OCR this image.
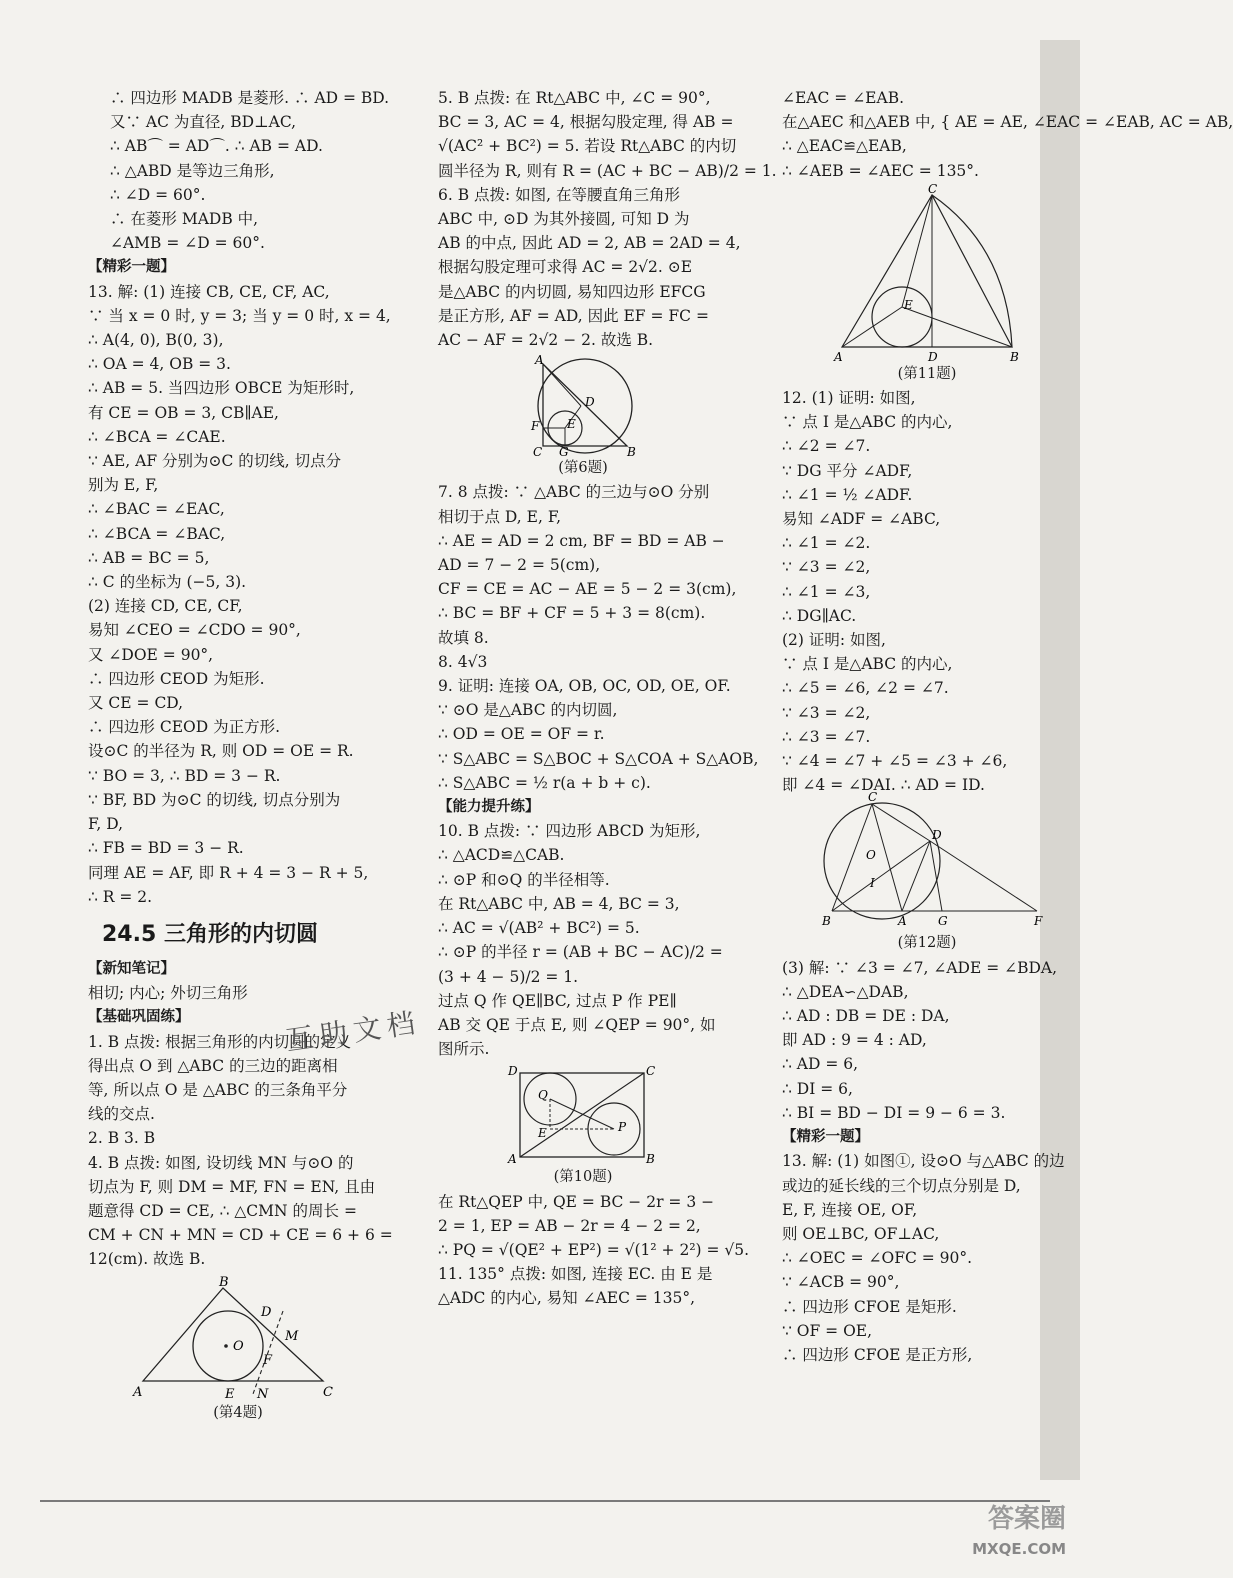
∴ 四边形 MADB 是菱形. ∴ AD = BD.
又∵ AC 为直径, BD⊥AC,
∴ AB⌒ = AD⌒. ∴ AB = AD.
∴ △ABD 是等边三角形,
∴ ∠D = 60°.
∴ 在菱形 MADB 中,
∠AMB = ∠D = 60°.
【精彩一题】
13. 解: (1) 连接 CB, CE, CF, AC,
∵ 当 x = 0 时, y = 3; 当 y = 0 时, x = 4,
∴ A(4, 0), B(0, 3),
∴ OA = 4, OB = 3.
∴ AB = 5. 当四边形 OBCE 为矩形时,
有 CE = OB = 3, CB∥AE,
∴ ∠BCA = ∠CAE.
∵ AE, AF 分别为⊙C 的切线, 切点分
别为 E, F,
∴ ∠BAC = ∠EAC,
∴ ∠BCA = ∠BAC,
∴ AB = BC = 5,
∴ C 的坐标为 (−5, 3).
(2) 连接 CD, CE, CF,
易知 ∠CEO = ∠CDO = 90°,
又 ∠DOE = 90°,
∴ 四边形 CEOD 为矩形.
又 CE = CD,
∴ 四边形 CEOD 为正方形.
设⊙C 的半径为 R, 则 OD = OE = R.
∵ BO = 3, ∴ BD = 3 − R.
∵ BF, BD 为⊙C 的切线, 切点分别为
F, D,
∴ FB = BD = 3 − R.
同理 AE = AF, 即 R + 4 = 3 − R + 5,
∴ R = 2.
24.5 三角形的内切圆
【新知笔记】
相切; 内心; 外切三角形
【基础巩固练】
1. B 点拨: 根据三角形的内切圆的定义
得出点 O 到 △ABC 的三边的距离相
等, 所以点 O 是 △ABC 的三条角平分
线的交点.
2. B 3. B
4. B 点拨: 如图, 设切线 MN 与⊙O 的
切点为 F, 则 DM = MF, FN = EN, 且由
题意得 CD = CE, ∴ △CMN 的周长 =
CM + CN + MN = CD + CE = 6 + 6 =
12(cm). 故选 B.
A
B
C
D
E
F
M
N
O
(第4题)
5. B 点拨: 在 Rt△ABC 中, ∠C = 90°,
BC = 3, AC = 4, 根据勾股定理, 得 AB =
√(AC² + BC²) = 5. 若设 Rt△ABC 的内切
圆半径为 R, 则有 R = (AC + BC − AB)/2 = 1.
6. B 点拨: 如图, 在等腰直角三角形
ABC 中, ⊙D 为其外接圆, 可知 D 为
AB 的中点, 因此 AD = 2, AB = 2AD = 4,
根据勾股定理可求得 AC = 2√2. ⊙E
是△ABC 的内切圆, 易知四边形 EFCG
是正方形, AF = AD, 因此 EF = FC =
AC − AF = 2√2 − 2. 故选 B.
A
B
C
D
E
F
G
(第6题)
7. 8 点拨: ∵ △ABC 的三边与⊙O 分别
相切于点 D, E, F,
∴ AE = AD = 2 cm, BF = BD = AB −
AD = 7 − 2 = 5(cm),
CF = CE = AC − AE = 5 − 2 = 3(cm),
∴ BC = BF + CF = 5 + 3 = 8(cm).
故填 8.
8. 4√3
9. 证明: 连接 OA, OB, OC, OD, OE, OF.
∵ ⊙O 是△ABC 的内切圆,
∴ OD = OE = OF = r.
∵ S△ABC = S△BOC + S△COA + S△AOB,
∴ S△ABC = ½ r(a + b + c).
【能力提升练】
10. B 点拨: ∵ 四边形 ABCD 为矩形,
∴ △ACD≌△CAB.
∴ ⊙P 和⊙Q 的半径相等.
在 Rt△ABC 中, AB = 4, BC = 3,
∴ AC = √(AB² + BC²) = 5.
∴ ⊙P 的半径 r = (AB + BC − AC)/2 =
(3 + 4 − 5)/2 = 1.
过点 Q 作 QE∥BC, 过点 P 作 PE∥
AB 交 QE 于点 E, 则 ∠QEP = 90°, 如
图所示.
A	B
C
D
E	P
Q
(第10题)
在 Rt△QEP 中, QE = BC − 2r = 3 −
2 = 1, EP = AB − 2r = 4 − 2 = 2,
∴ PQ = √(QE² + EP²) = √(1² + 2²) = √5.
11. 135° 点拨: 如图, 连接 EC. 由 E 是
△ADC 的内心, 易知 ∠AEC = 135°,
∠EAC = ∠EAB.
在△AEC 和△AEB 中, { AE = AE, ∠EAC = ∠EAB, AC = AB,
∴ △EAC≌△EAB,
∴ ∠AEB = ∠AEC = 135°.
A	B
C
D
E
(第11题)
12. (1) 证明: 如图,
∵ 点 I 是△ABC 的内心,
∴ ∠2 = ∠7.
∵ DG 平分 ∠ADF,
∴ ∠1 = ½ ∠ADF.
易知 ∠ADF = ∠ABC,
∴ ∠1 = ∠2.
∵ ∠3 = ∠2,
∴ ∠1 = ∠3,
∴ DG∥AC.
(2) 证明: 如图,
∵ 点 I 是△ABC 的内心,
∴ ∠5 = ∠6, ∠2 = ∠7.
∵ ∠3 = ∠2,
∴ ∠3 = ∠7.
∵ ∠4 = ∠7 + ∠5 = ∠3 + ∠6,
即 ∠4 = ∠DAI. ∴ AD = ID.
C
D
B	A	G	F
I
O
(第12题)
(3) 解: ∵ ∠3 = ∠7, ∠ADE = ∠BDA,
∴ △DEA∽△DAB,
∴ AD : DB = DE : DA,
即 AD : 9 = 4 : AD,
∴ AD = 6,
∴ DI = 6,
∴ BI = BD − DI = 9 − 6 = 3.
【精彩一题】
13. 解: (1) 如图①, 设⊙O 与△ABC 的边
或边的延长线的三个切点分别是 D,
E, F, 连接 OE, OF,
则 OE⊥BC, OF⊥AC,
∴ ∠OEC = ∠OFC = 90°.
∵ ∠ACB = 90°,
∴ 四边形 CFOE 是矩形.
∵ OF = OE,
∴ 四边形 CFOE 是正方形,
互助文档
答案圈
MXQE.COM
